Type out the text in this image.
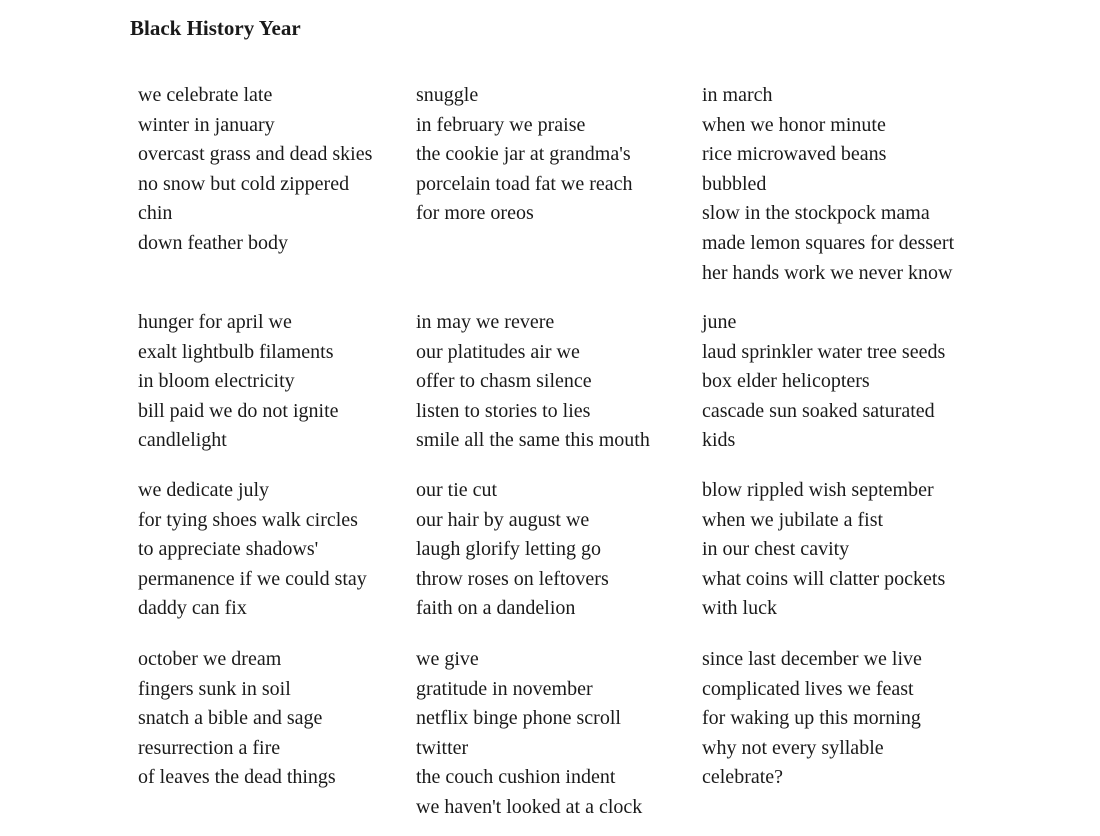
Black History Year
we celebrate late
winter in january
overcast grass and dead skies
no snow but cold zippered
chin
down feather body
snuggle
in february we praise
the cookie jar at grandma's
porcelain toad fat we reach
for more oreos
in march
when we honor minute
rice microwaved beans
bubbled
slow in the stockpock mama
made lemon squares for dessert
her hands work we never know
hunger for april we
exalt lightbulb filaments
in bloom electricity
bill paid we do not ignite
candlelight
in may we revere
our platitudes air we
offer to chasm silence
listen to stories to lies
smile all the same this mouth
june
laud sprinkler water tree seeds
box elder helicopters
cascade sun soaked saturated
kids
we dedicate july
for tying shoes walk circles
to appreciate shadows'
permanence if we could stay
daddy can fix
our tie cut
our hair by august we
laugh glorify letting go
throw roses on leftovers
faith on a dandelion
blow rippled wish september
when we jubilate a fist
in our chest cavity
what coins will clatter pockets
with luck
october we dream
fingers sunk in soil
snatch a bible and sage
resurrection a fire
of leaves the dead things
we give
gratitude in november
netflix binge phone scroll
twitter
the couch cushion indent
we haven't looked at a clock
since last december we live
complicated lives we feast
for waking up this morning
why not every syllable
celebrate?
